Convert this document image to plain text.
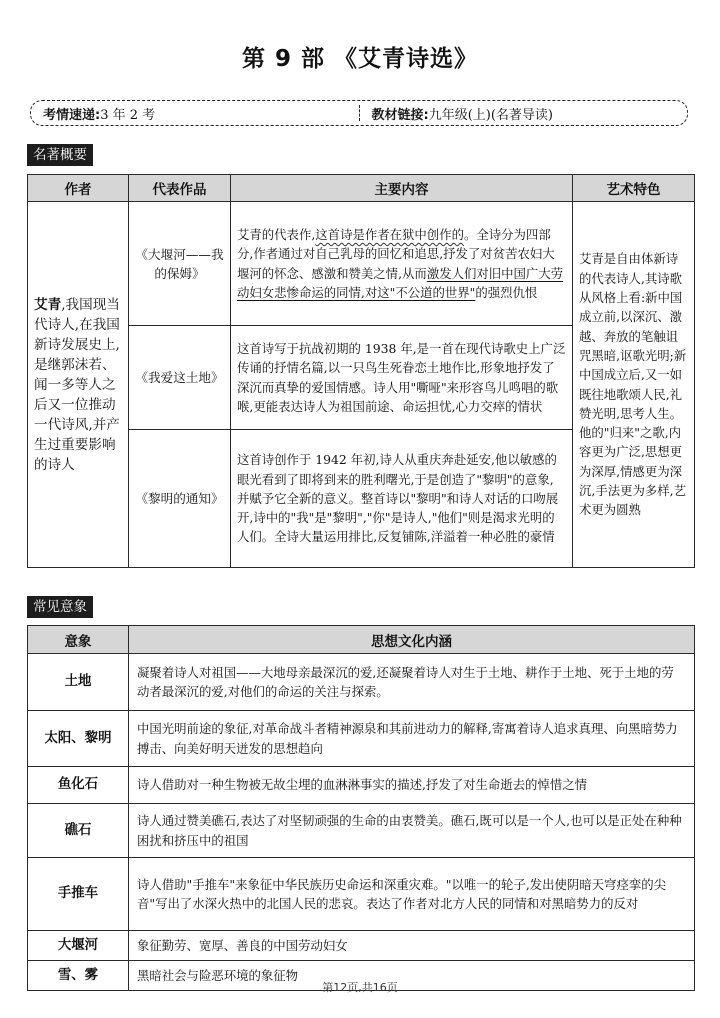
第 9 部 《艾青诗选》
考情速递:3 年 2 考	教材链接:九年级(上)(名著导读)
名著概要
作者	代表作品	主要内容	艺术特色
艾青,我国现当代诗人,在我国新诗发展史上,是继郭沫若、闻一多等人之后又一位推动一代诗风,并产生过重要影响的诗人	《大堰河——我的保姆》	艾青的代表作,这首诗是作者在狱中创作的。全诗分为四部分,作者通过对自己乳母的回忆和追思,抒发了对贫苦农妇大堰河的怀念、感激和赞美之情,从而激发人们对旧中国广大劳动妇女悲惨命运的同情,对这"不公道的世界"的强烈仇恨	艾青是自由体新诗的代表诗人,其诗歌从风格上看:新中国成立前,以深沉、激越、奔放的笔触诅咒黑暗,讴歌光明;新中国成立后,又一如既往地歌颂人民,礼赞光明,思考人生。他的"归来"之歌,内容更为广泛,思想更为深厚,情感更为深沉,手法更为多样,艺术更为圆熟
	《我爱这土地》	这首诗写于抗战初期的 1938 年,是一首在现代诗歌史上广泛传诵的抒情名篇,以一只鸟生死眷恋土地作比,形象地抒发了深沉而真挚的爱国情感。诗人用"嘶哑"来形容鸟儿鸣唱的歌喉,更能表达诗人为祖国前途、命运担忧,心力交瘁的情状	
	《黎明的通知》	这首诗创作于 1942 年初,诗人从重庆奔赴延安,他以敏感的眼光看到了即将到来的胜利曙光,于是创造了"黎明"的意象,并赋予它全新的意义。整首诗以"黎明"和诗人对话的口吻展开,诗中的"我"是"黎明","你"是诗人,"他们"则是渴求光明的人们。全诗大量运用排比,反复铺陈,洋溢着一种必胜的豪情	
常见意象
意象	思想文化内涵
土地	凝聚着诗人对祖国——大地母亲最深沉的爱,还凝聚着诗人对生于土地、耕作于土地、死于土地的劳动者最深沉的爱,对他们的命运的关注与探索。
太阳、黎明	中国光明前途的象征,对革命战斗者精神源泉和其前进动力的解释,寄寓着诗人追求真理、向黑暗势力搏击、向美好明天迸发的思想趋向
鱼化石	诗人借助对一种生物被无故尘埋的血淋淋事实的描述,抒发了对生命逝去的悼惜之情
礁石	诗人通过赞美礁石,表达了对坚韧顽强的生命的由衷赞美。礁石,既可以是一个人,也可以是正处在种种困扰和挤压中的祖国
手推车	诗人借助"手推车"来象征中华民族历史命运和深重灾难。"以唯一的轮子,发出使阴暗天穹痉挛的尖音"写出了水深火热中的北国人民的悲哀。表达了作者对北方人民的同情和对黑暗势力的反对
大堰河	象征勤劳、宽厚、善良的中国劳动妇女
雪、雾	黑暗社会与险恶环境的象征物
第12页,共16页
